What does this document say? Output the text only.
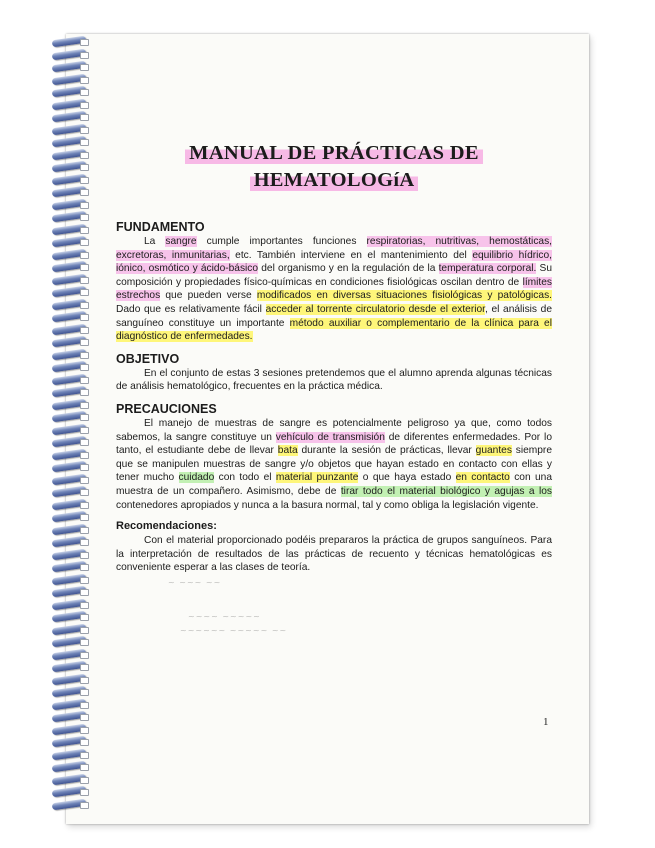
MANUAL DE PRÁCTICAS DE
HEMATOLOGíA
FUNDAMENTO

La sangre cumple importantes funciones respiratorias, nutritivas, hemostáticas, excretoras, inmunitarias, etc. También interviene en el mantenimiento del equilibrio hídrico, iónico, osmótico y ácido-básico del organismo y en la regulación de la temperatura corporal. Su composición y propiedades físico-químicas en condiciones fisiológicas oscilan dentro de límites estrechos que pueden verse modificados en diversas situaciones fisiológicas y patológicas. Dado que es relativamente fácil acceder al torrente circulatorio desde el exterior, el análisis de sanguíneo constituye un importante método auxiliar o complementario de la clínica para el diagnóstico de enfermedades.

OBJETIVO

En el conjunto de estas 3 sesiones pretendemos que el alumno aprenda algunas técnicas de análisis hematológico, frecuentes en la práctica médica.

PRECAUCIONES

El manejo de muestras de sangre es potencialmente peligroso ya que, como todos sabemos, la sangre constituye un vehículo de transmisión de diferentes enfermedades. Por lo tanto, el estudiante debe de llevar bata durante la sesión de prácticas, llevar guantes siempre que se manipulen muestras de sangre y/o objetos que hayan estado en contacto con ellas y tener mucho cuidado con todo el material punzante o que haya estado en contacto con una muestra de un compañero. Asimismo, debe de tirar todo el material biológico y agujas a los contenedores apropiados y nunca a la basura normal, tal y como obliga la legislación vigente.

Recomendaciones:

Con el material proporcionado podéis prepararos la práctica de grupos sanguíneos. Para la interpretación de resultados de las prácticas de recuento y técnicas hematológicas es conveniente esperar a las clases de teoría.

~ ~~~ ~~
~~~~ ~~~~~
~~~~~~ ~~~~~ ~~
1
